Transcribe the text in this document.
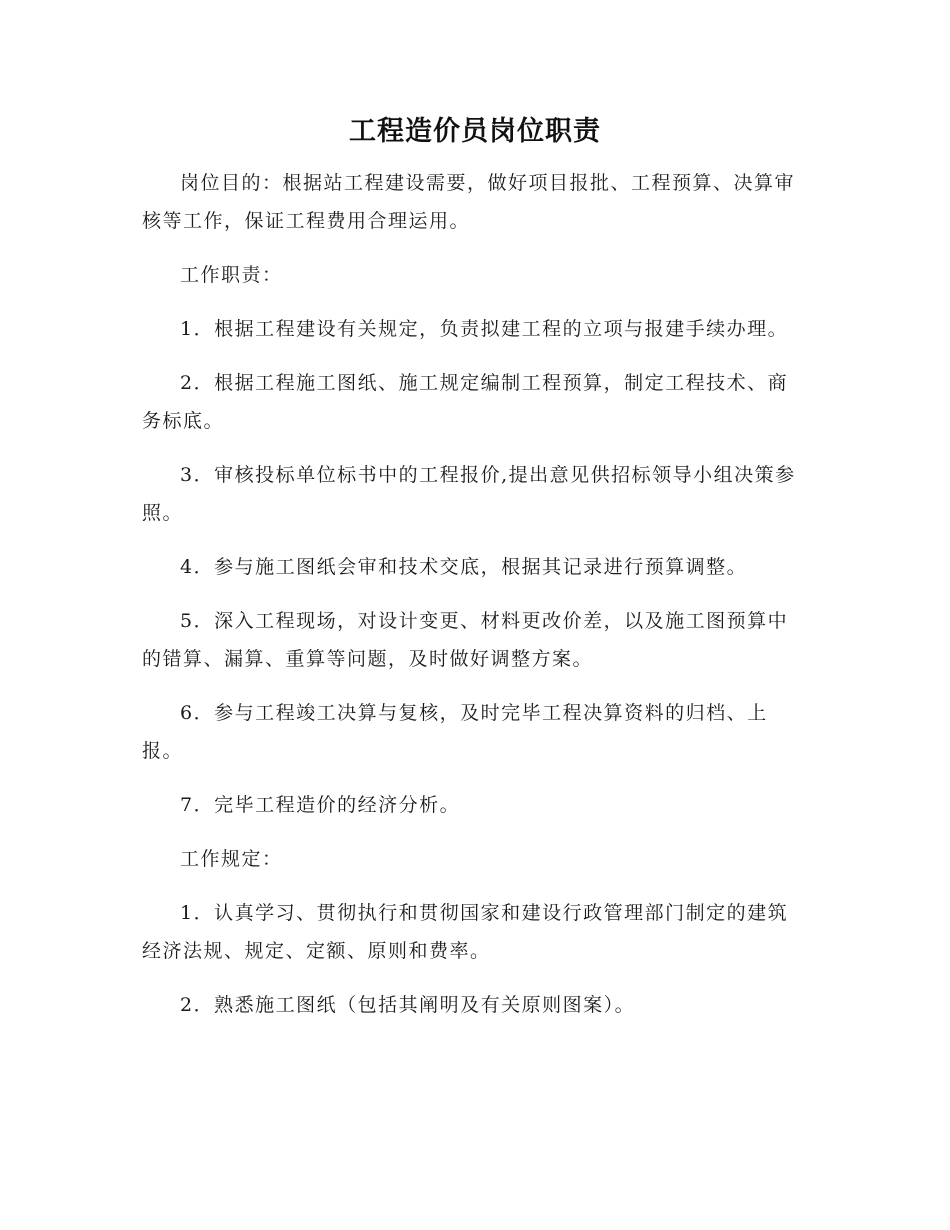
工程造价员岗位职责

岗位目的：根据站工程建设需要，做好项目报批、工程预算、决算审核等工作，保证工程费用合理运用。

工作职责：

1．根据工程建设有关规定，负责拟建工程的立项与报建手续办理。

2．根据工程施工图纸、施工规定编制工程预算，制定工程技术、商务标底。

3．审核投标单位标书中的工程报价,提出意见供招标领导小组决策参照。

4．参与施工图纸会审和技术交底，根据其记录进行预算调整。

5．深入工程现场，对设计变更、材料更改价差，以及施工图预算中的错算、漏算、重算等问题，及时做好调整方案。

6．参与工程竣工决算与复核，及时完毕工程决算资料的归档、上报。

7．完毕工程造价的经济分析。

工作规定：

1．认真学习、贯彻执行和贯彻国家和建设行政管理部门制定的建筑经济法规、规定、定额、原则和费率。

2．熟悉施工图纸（包括其阐明及有关原则图案）。
